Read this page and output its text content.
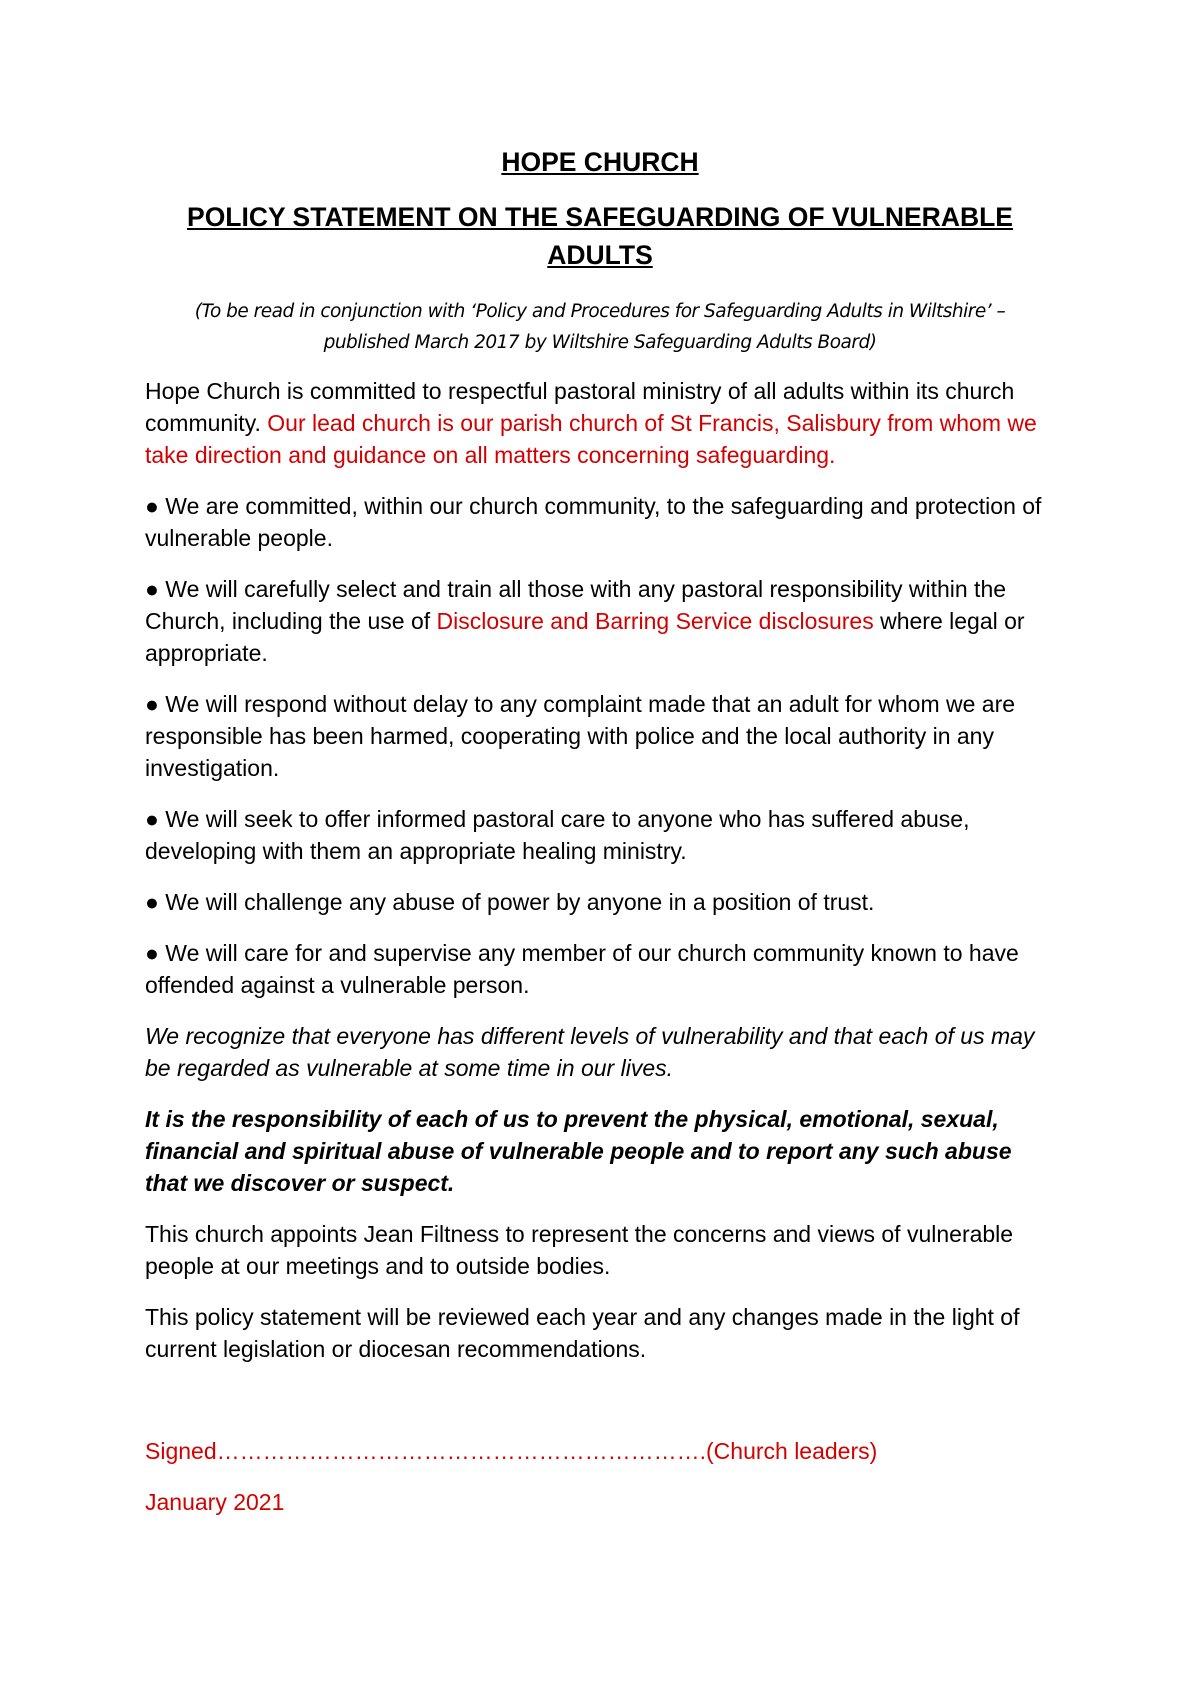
HOPE CHURCH
POLICY STATEMENT ON THE SAFEGUARDING OF VULNERABLE ADULTS

(To be read in conjunction with ‘Policy and Procedures for Safeguarding Adults in Wiltshire’ –
published March 2017 by Wiltshire Safeguarding Adults Board)

Hope Church is committed to respectful pastoral ministry of all adults within its church community. Our lead church is our parish church of St Francis, Salisbury from whom we take direction and guidance on all matters concerning safeguarding.

● We are committed, within our church community, to the safeguarding and protection of vulnerable people.

● We will carefully select and train all those with any pastoral responsibility within the Church, including the use of Disclosure and Barring Service disclosures where legal or appropriate.

● We will respond without delay to any complaint made that an adult for whom we are responsible has been harmed, cooperating with police and the local authority in any investigation.

● We will seek to offer informed pastoral care to anyone who has suffered abuse, developing with them an appropriate healing ministry.

● We will challenge any abuse of power by anyone in a position of trust.

● We will care for and supervise any member of our church community known to have offended against a vulnerable person.

We recognize that everyone has different levels of vulnerability and that each of us may be regarded as vulnerable at some time in our lives.

It is the responsibility of each of us to prevent the physical, emotional, sexual, financial and spiritual abuse of vulnerable people and to report any such abuse that we discover or suspect.

This church appoints Jean Filtness to represent the concerns and views of vulnerable people at our meetings and to outside bodies.

This policy statement will be reviewed each year and any changes made in the light of current legislation or diocesan recommendations.

Signed……………………………………………………….(Church leaders)

January 2021
